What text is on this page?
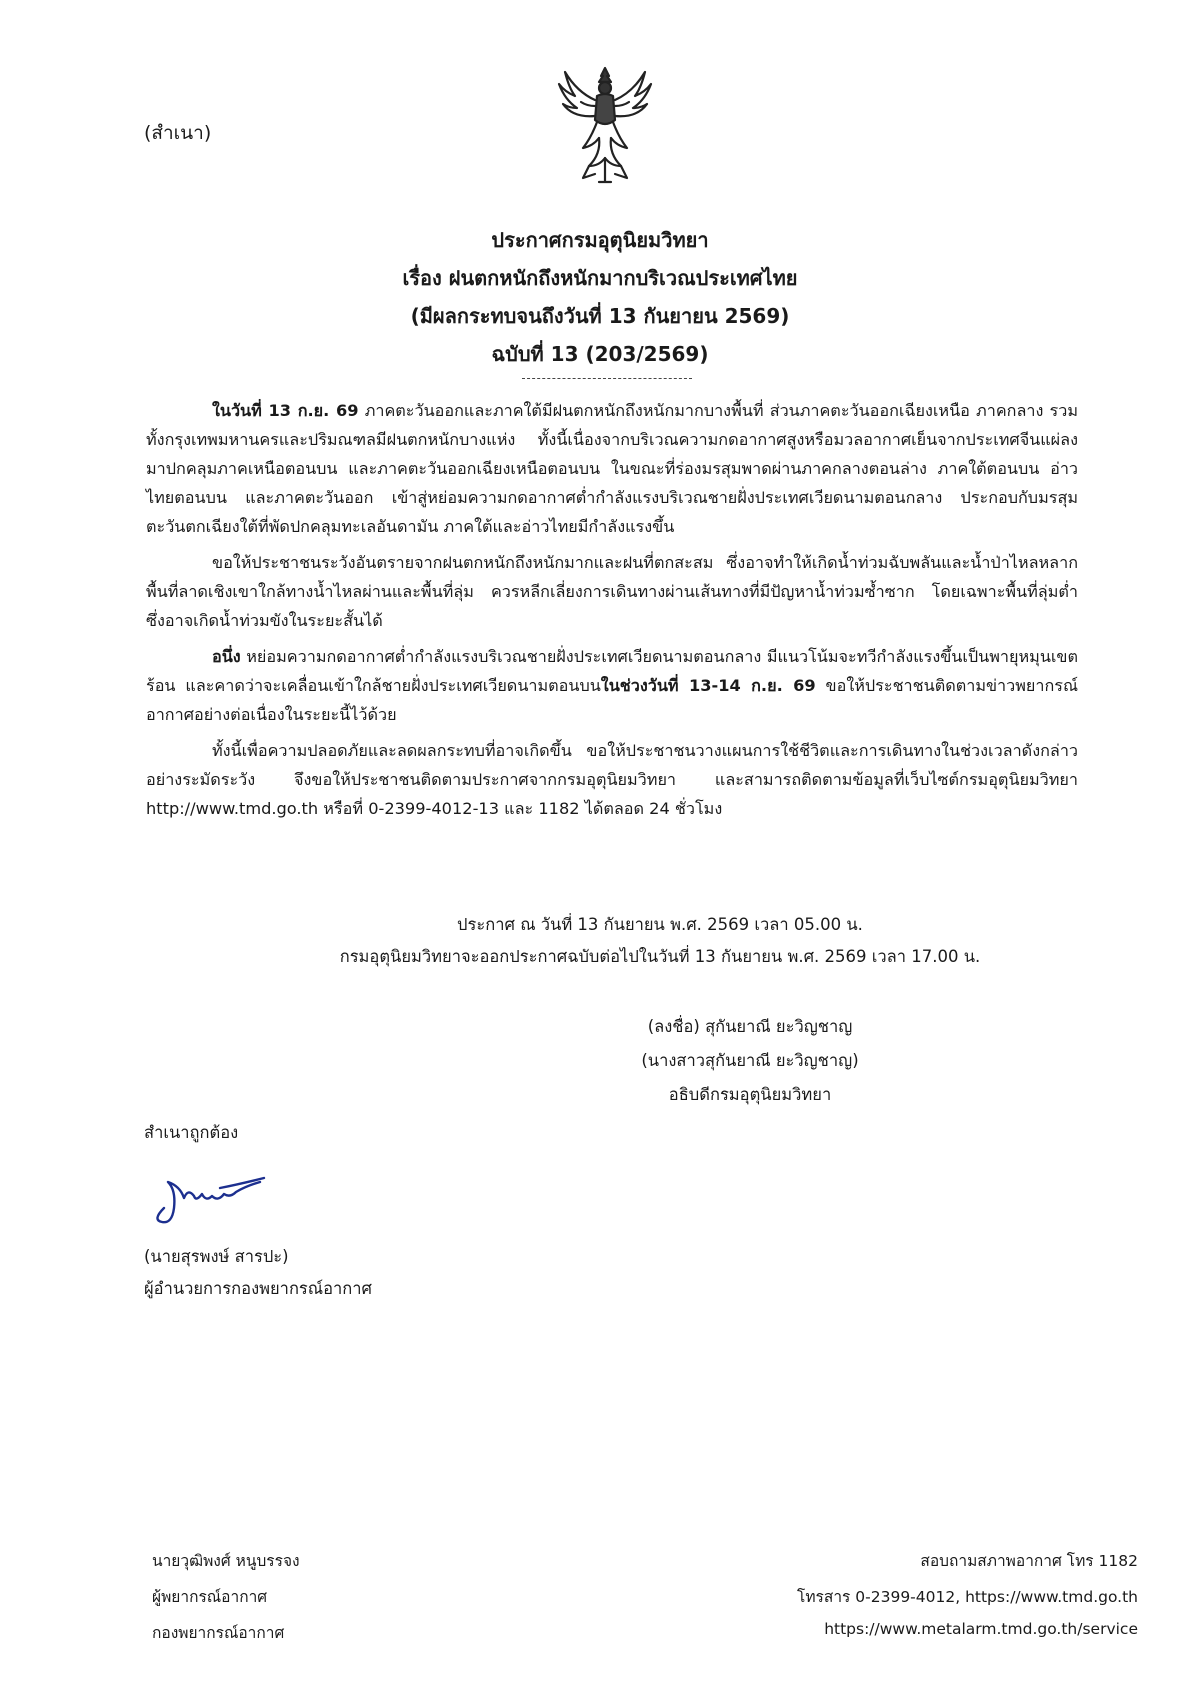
(สำเนา)
ประกาศกรมอุตุนิยมวิทยา
เรื่อง ฝนตกหนักถึงหนักมากบริเวณประเทศไทย
(มีผลกระทบจนถึงวันที่ 13 กันยายน 2569)
ฉบับที่ 13 (203/2569)

ในวันที่ 13 ก.ย. 69 ภาคตะวันออกและภาคใต้มีฝนตกหนักถึงหนักมากบางพื้นที่ ส่วนภาคตะวันออกเฉียงเหนือ ภาคกลาง รวมทั้งกรุงเทพมหานครและปริมณฑลมีฝนตกหนักบางแห่ง ทั้งนี้เนื่องจากบริเวณความกดอากาศสูงหรือมวลอากาศเย็นจากประเทศจีนแผ่ลงมาปกคลุมภาคเหนือตอนบน และภาคตะวันออกเฉียงเหนือตอนบน ในขณะที่ร่องมรสุมพาดผ่านภาคกลางตอนล่าง ภาคใต้ตอนบน อ่าวไทยตอนบน และภาคตะวันออก เข้าสู่หย่อมความกดอากาศต่ำกำลังแรงบริเวณชายฝั่งประเทศเวียดนามตอนกลาง ประกอบกับมรสุมตะวันตกเฉียงใต้ที่พัดปกคลุมทะเลอันดามัน ภาคใต้และอ่าวไทยมีกำลังแรงขึ้น

ขอให้ประชาชนระวังอันตรายจากฝนตกหนักถึงหนักมากและฝนที่ตกสะสม ซึ่งอาจทำให้เกิดน้ำท่วมฉับพลันและน้ำป่าไหลหลาก พื้นที่ลาดเชิงเขาใกล้ทางน้ำไหลผ่านและพื้นที่ลุ่ม ควรหลีกเลี่ยงการเดินทางผ่านเส้นทางที่มีปัญหาน้ำท่วมซ้ำซาก โดยเฉพาะพื้นที่ลุ่มต่ำ ซึ่งอาจเกิดน้ำท่วมขังในระยะสั้นได้

อนึ่ง หย่อมความกดอากาศต่ำกำลังแรงบริเวณชายฝั่งประเทศเวียดนามตอนกลาง มีแนวโน้มจะทวีกำลังแรงขึ้นเป็นพายุหมุนเขตร้อน และคาดว่าจะเคลื่อนเข้าใกล้ชายฝั่งประเทศเวียดนามตอนบนในช่วงวันที่ 13-14 ก.ย. 69 ขอให้ประชาชนติดตามข่าวพยากรณ์อากาศอย่างต่อเนื่องในระยะนี้ไว้ด้วย

ทั้งนี้เพื่อความปลอดภัยและลดผลกระทบที่อาจเกิดขึ้น ขอให้ประชาชนวางแผนการใช้ชีวิตและการเดินทางในช่วงเวลาดังกล่าวอย่างระมัดระวัง จึงขอให้ประชาชนติดตามประกาศจากกรมอุตุนิยมวิทยา และสามารถติดตามข้อมูลที่เว็บไซต์กรมอุตุนิยมวิทยา http://www.tmd.go.th หรือที่ 0-2399-4012-13 และ 1182 ได้ตลอด 24 ชั่วโมง

ประกาศ ณ วันที่ 13 กันยายน พ.ศ. 2569 เวลา 05.00 น.
กรมอุตุนิยมวิทยาจะออกประกาศฉบับต่อไปในวันที่ 13 กันยายน พ.ศ. 2569 เวลา 17.00 น.
(ลงชื่อ) สุกันยาณี ยะวิญชาญ
(นางสาวสุกันยาณี ยะวิญชาญ)
อธิบดีกรมอุตุนิยมวิทยา
สำเนาถูกต้อง
(นายสุรพงษ์ สารปะ)
ผู้อำนวยการกองพยากรณ์อากาศ
นายวุฒิพงศ์ หนูบรรจง
ผู้พยากรณ์อากาศ
กองพยากรณ์อากาศ
สอบถามสภาพอากาศ โทร 1182
โทรสาร 0-2399-4012, https://www.tmd.go.th
https://www.metalarm.tmd.go.th/service
